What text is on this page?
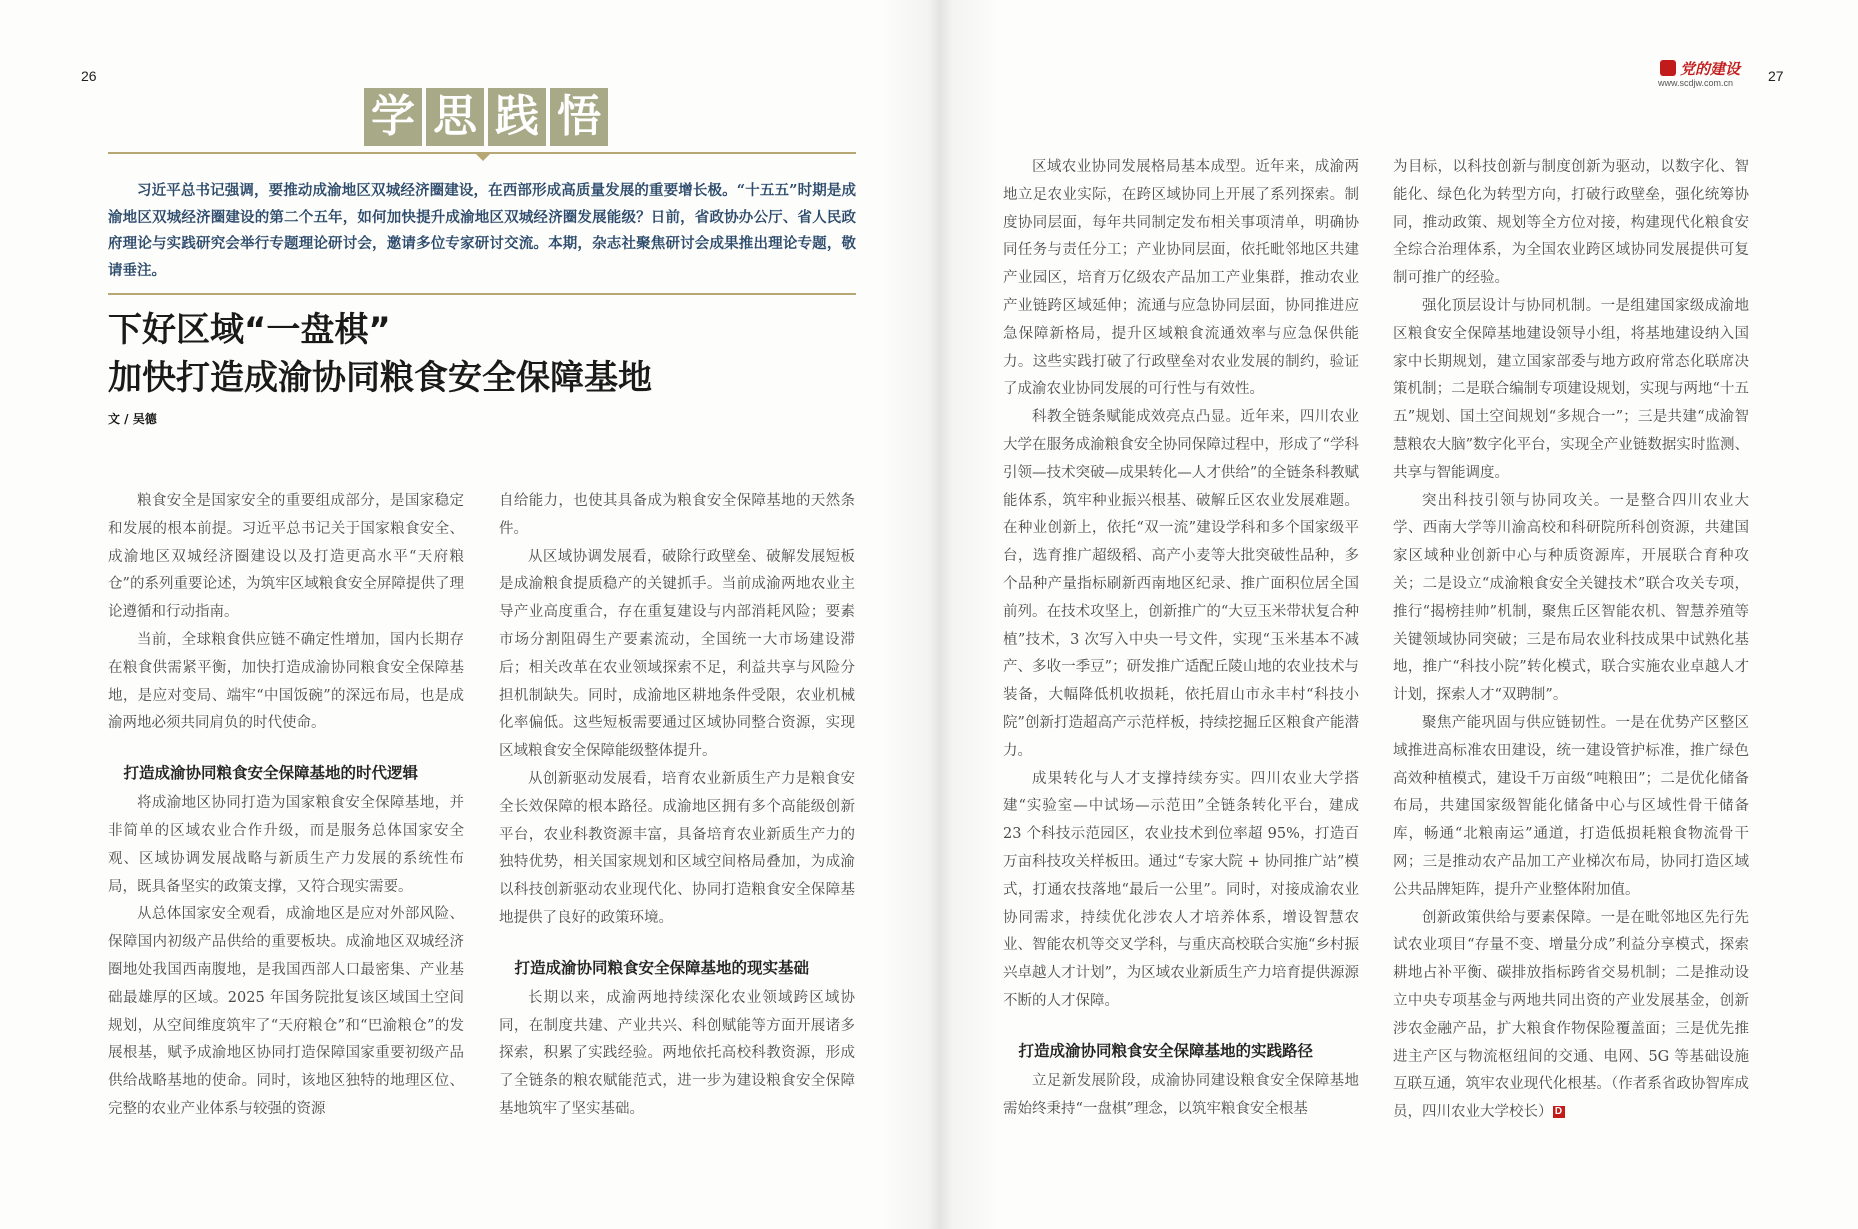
26	27
党的建设
www.scdjw.com.cn
学 思 践 悟
习近平总书记强调，要推动成渝地区双城经济圈建设，在西部形成高质量发展的重要增长极。“十五五”时期是成渝地区双城经济圈建设的第二个五年，如何加快提升成渝地区双城经济圈发展能级？日前，省政协办公厅、省人民政府理论与实践研究会举行专题理论研讨会，邀请多位专家研讨交流。本期，杂志社聚焦研讨会成果推出理论专题，敬请垂注。
下好区域“一盘棋”
加快打造成渝协同粮食安全保障基地
文 / 吴德

粮食安全是国家安全的重要组成部分，是国家稳定和发展的根本前提。习近平总书记关于国家粮食安全、成渝地区双城经济圈建设以及打造更高水平“天府粮仓”的系列重要论述，为筑牢区域粮食安全屏障提供了理论遵循和行动指南。

当前，全球粮食供应链不确定性增加，国内长期存在粮食供需紧平衡，加快打造成渝协同粮食安全保障基地，是应对变局、端牢“中国饭碗”的深远布局，也是成渝两地必须共同肩负的时代使命。

打造成渝协同粮食安全保障基地的时代逻辑

将成渝地区协同打造为国家粮食安全保障基地，并非简单的区域农业合作升级，而是服务总体国家安全观、区域协调发展战略与新质生产力发展的系统性布局，既具备坚实的政策支撑，又符合现实需要。

从总体国家安全观看，成渝地区是应对外部风险、保障国内初级产品供给的重要板块。成渝地区双城经济圈地处我国西南腹地，是我国西部人口最密集、产业基础最雄厚的区域。2025 年国务院批复该区域国土空间规划，从空间维度筑牢了“天府粮仓”和“巴渝粮仓”的发展根基，赋予成渝地区协同打造保障国家重要初级产品供给战略基地的使命。同时，该地区独特的地理区位、完整的农业产业体系与较强的资源

自给能力，也使其具备成为粮食安全保障基地的天然条件。

从区域协调发展看，破除行政壁垒、破解发展短板是成渝粮食提质稳产的关键抓手。当前成渝两地农业主导产业高度重合，存在重复建设与内部消耗风险；要素市场分割阻碍生产要素流动，全国统一大市场建设滞后；相关改革在农业领域探索不足，利益共享与风险分担机制缺失。同时，成渝地区耕地条件受限，农业机械化率偏低。这些短板需要通过区域协同整合资源，实现区域粮食安全保障能级整体提升。

从创新驱动发展看，培育农业新质生产力是粮食安全长效保障的根本路径。成渝地区拥有多个高能级创新平台，农业科教资源丰富，具备培育农业新质生产力的独特优势，相关国家规划和区域空间格局叠加，为成渝以科技创新驱动农业现代化、协同打造粮食安全保障基地提供了良好的政策环境。

打造成渝协同粮食安全保障基地的现实基础

长期以来，成渝两地持续深化农业领域跨区域协同，在制度共建、产业共兴、科创赋能等方面开展诸多探索，积累了实践经验。两地依托高校科教资源，形成了全链条的粮农赋能范式，进一步为建设粮食安全保障基地筑牢了坚实基础。

区域农业协同发展格局基本成型。近年来，成渝两地立足农业实际，在跨区域协同上开展了系列探索。制度协同层面，每年共同制定发布相关事项清单，明确协同任务与责任分工；产业协同层面，依托毗邻地区共建产业园区，培育万亿级农产品加工产业集群，推动农业产业链跨区域延伸；流通与应急协同层面，协同推进应急保障新格局，提升区域粮食流通效率与应急保供能力。这些实践打破了行政壁垒对农业发展的制约，验证了成渝农业协同发展的可行性与有效性。

科教全链条赋能成效亮点凸显。近年来，四川农业大学在服务成渝粮食安全协同保障过程中，形成了“学科引领—技术突破—成果转化—人才供给”的全链条科教赋能体系，筑牢种业振兴根基、破解丘区农业发展难题。在种业创新上，依托“双一流”建设学科和多个国家级平台，选育推广超级稻、高产小麦等大批突破性品种，多个品种产量指标刷新西南地区纪录、推广面积位居全国前列。在技术攻坚上，创新推广的“大豆玉米带状复合种植”技术，3 次写入中央一号文件，实现“玉米基本不减产、多收一季豆”；研发推广适配丘陵山地的农业技术与装备，大幅降低机收损耗，依托眉山市永丰村“科技小院”创新打造超高产示范样板，持续挖掘丘区粮食产能潜力。

成果转化与人才支撑持续夯实。四川农业大学搭建“实验室—中试场—示范田”全链条转化平台，建成 23 个科技示范园区，农业技术到位率超 95%，打造百万亩科技攻关样板田。通过“专家大院 + 协同推广站”模式，打通农技落地“最后一公里”。同时，对接成渝农业协同需求，持续优化涉农人才培养体系，增设智慧农业、智能农机等交叉学科，与重庆高校联合实施“乡村振兴卓越人才计划”，为区域农业新质生产力培育提供源源不断的人才保障。

打造成渝协同粮食安全保障基地的实践路径

立足新发展阶段，成渝协同建设粮食安全保障基地需始终秉持“一盘棋”理念，以筑牢粮食安全根基

为目标，以科技创新与制度创新为驱动，以数字化、智能化、绿色化为转型方向，打破行政壁垒，强化统筹协同，推动政策、规划等全方位对接，构建现代化粮食安全综合治理体系，为全国农业跨区域协同发展提供可复制可推广的经验。

强化顶层设计与协同机制。一是组建国家级成渝地区粮食安全保障基地建设领导小组，将基地建设纳入国家中长期规划，建立国家部委与地方政府常态化联席决策机制；二是联合编制专项建设规划，实现与两地“十五五”规划、国土空间规划“多规合一”；三是共建“成渝智慧粮农大脑”数字化平台，实现全产业链数据实时监测、共享与智能调度。

突出科技引领与协同攻关。一是整合四川农业大学、西南大学等川渝高校和科研院所科创资源，共建国家区域种业创新中心与种质资源库，开展联合育种攻关；二是设立“成渝粮食安全关键技术”联合攻关专项，推行“揭榜挂帅”机制，聚焦丘区智能农机、智慧养殖等关键领域协同突破；三是布局农业科技成果中试熟化基地，推广“科技小院”转化模式，联合实施农业卓越人才计划，探索人才“双聘制”。

聚焦产能巩固与供应链韧性。一是在优势产区整区域推进高标准农田建设，统一建设管护标准，推广绿色高效种植模式，建设千万亩级“吨粮田”；二是优化储备布局，共建国家级智能化储备中心与区域性骨干储备库，畅通“北粮南运”通道，打造低损耗粮食物流骨干网；三是推动农产品加工产业梯次布局，协同打造区域公共品牌矩阵，提升产业整体附加值。

创新政策供给与要素保障。一是在毗邻地区先行先试农业项目“存量不变、增量分成”利益分享模式，探索耕地占补平衡、碳排放指标跨省交易机制；二是推动设立中央专项基金与两地共同出资的产业发展基金，创新涉农金融产品，扩大粮食作物保险覆盖面；三是优先推进主产区与物流枢纽间的交通、电网、5G 等基础设施互联互通，筑牢农业现代化根基。（作者系省政协智库成员，四川农业大学校长） D
